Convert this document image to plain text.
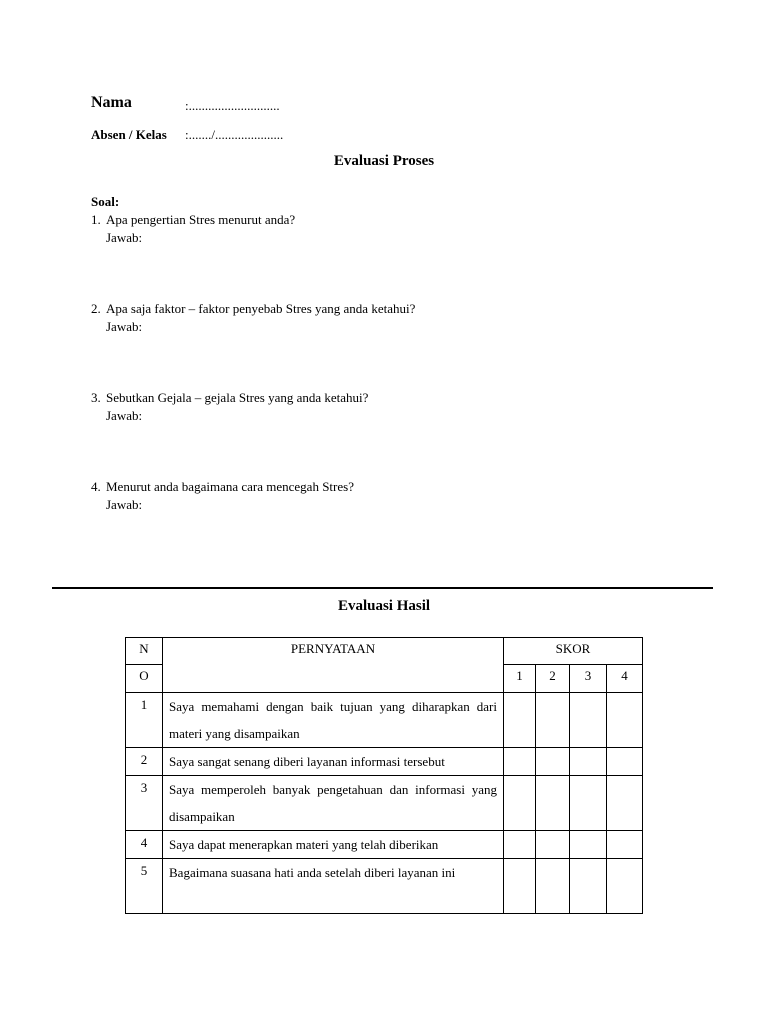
Nama	:............................
Absen / Kelas :......./.....................
Evaluasi Proses
Soal:
1. Apa pengertian Stres menurut anda?
Jawab:
2. Apa saja faktor – faktor penyebab Stres yang anda ketahui?
Jawab:
3. Sebutkan Gejala – gejala Stres yang anda ketahui?
Jawab:
4. Menurut anda bagaimana cara mencegah Stres?
Jawab:
Evaluasi Hasil
N	PERNYATAAN	SKOR			
O		1	2	3	4
1	Saya memahami dengan baik tujuan yang diharapkan dari materi yang disampaikan				
2	Saya sangat senang diberi layanan informasi tersebut				
3	Saya memperoleh banyak pengetahuan dan informasi yang disampaikan				
4	Saya dapat menerapkan materi yang telah diberikan				
5	Bagaimana suasana hati anda setelah diberi layanan ini				
